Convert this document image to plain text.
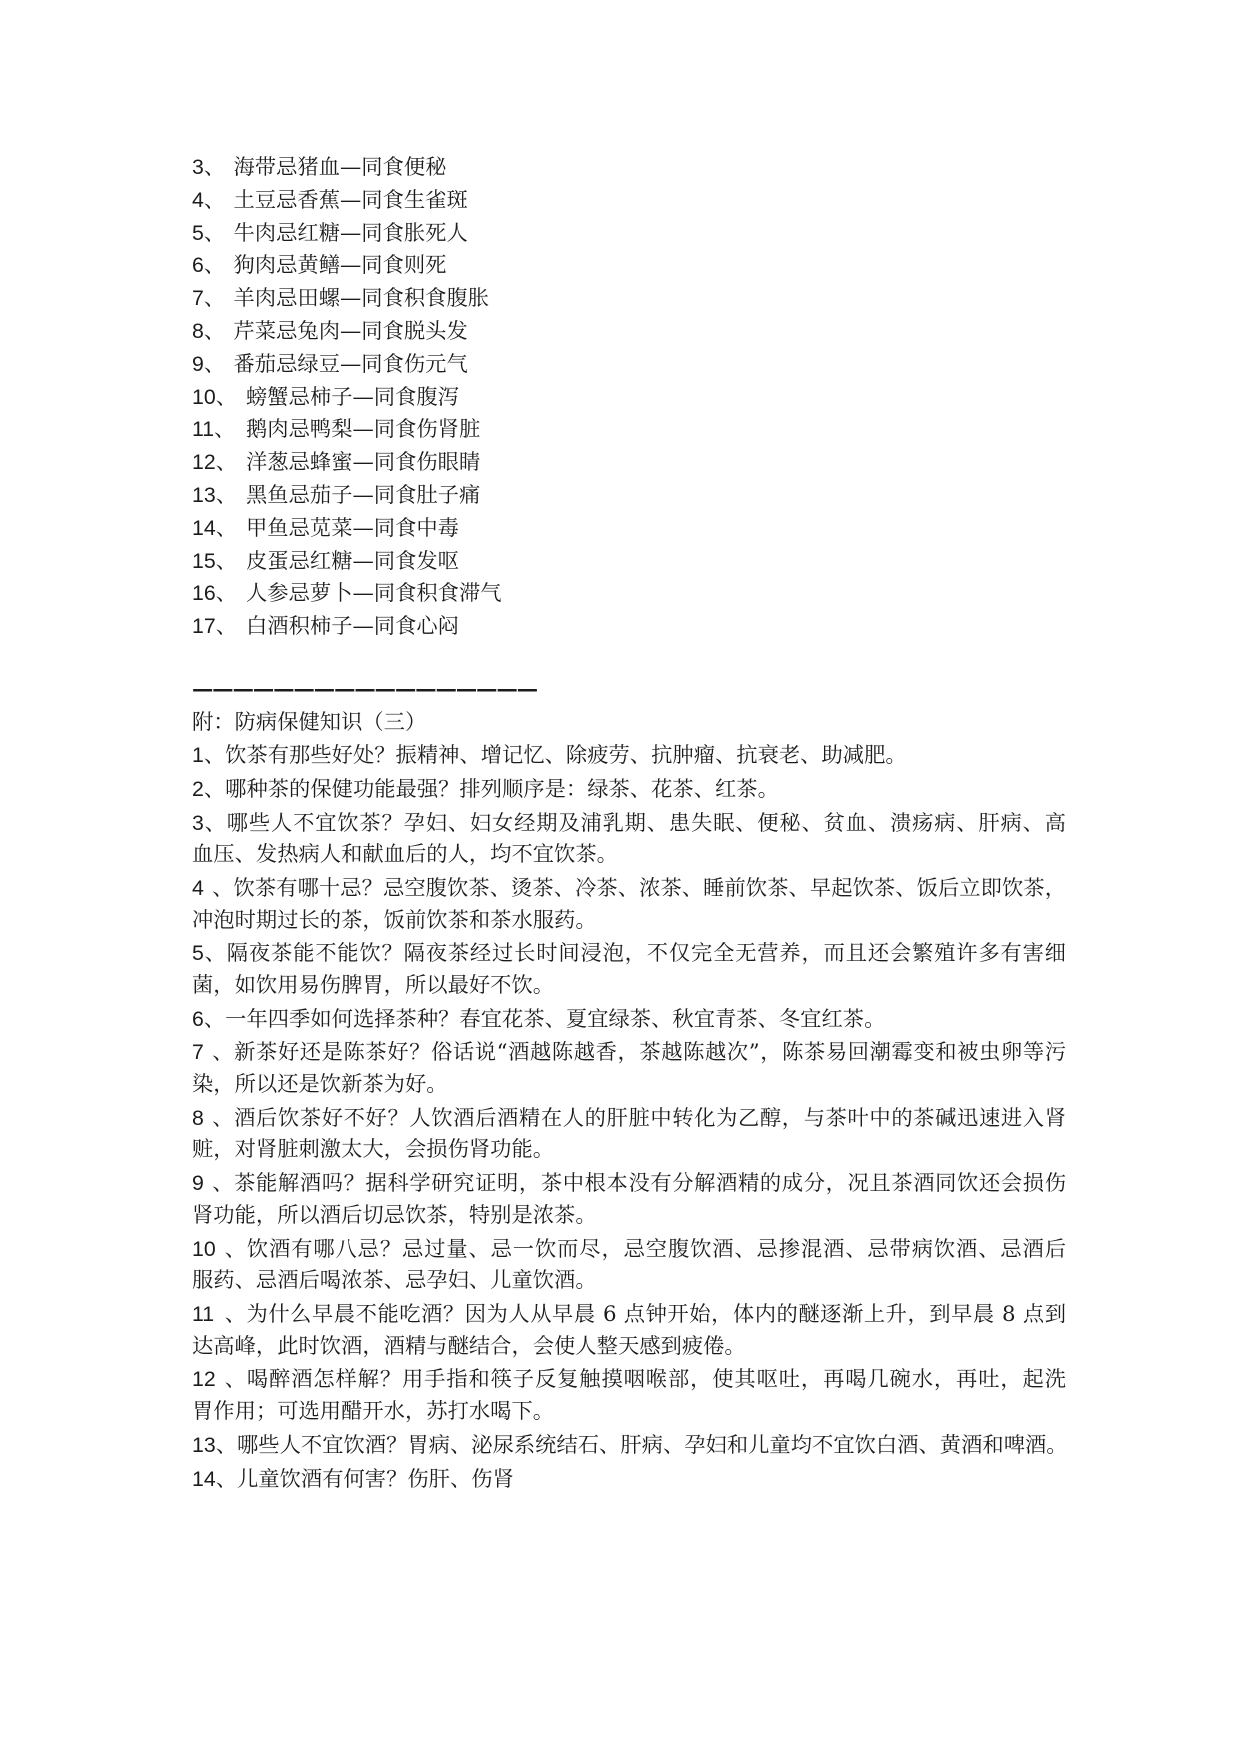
3、 海带忌猪血—同食便秘
4、 土豆忌香蕉—同食生雀斑
5、 牛肉忌红糖—同食胀死人
6、 狗肉忌黄鳝—同食则死
7、 羊肉忌田螺—同食积食腹胀
8、 芹菜忌兔肉—同食脱头发
9、 番茄忌绿豆—同食伤元气
10、 螃蟹忌柿子—同食腹泻
11、 鹅肉忌鸭梨—同食伤肾脏
12、 洋葱忌蜂蜜—同食伤眼睛
13、 黑鱼忌茄子—同食肚子痛
14、 甲鱼忌苋菜—同食中毒
15、 皮蛋忌红糖—同食发呕
16、 人参忌萝卜—同食积食滞气
17、 白酒积柿子—同食心闷
—————————————————
附：防病保健知识（三）
1、饮茶有那些好处？振精神、增记忆、除疲劳、抗肿瘤、抗衰老、助减肥。
2、哪种茶的保健功能最强？排列顺序是：绿茶、花茶、红茶。
3、哪些人不宜饮茶？孕妇、妇女经期及浦乳期、患失眠、便秘、贫血、溃疡病、肝病、高
血压、发热病人和献血后的人，均不宜饮茶。
4、饮茶有哪十忌？忌空腹饮茶、烫茶、冷茶、浓茶、睡前饮茶、早起饮茶、饭后立即饮茶，
冲泡时期过长的茶，饭前饮茶和茶水服药。
5、隔夜茶能不能饮？隔夜茶经过长时间浸泡，不仅完全无营养，而且还会繁殖许多有害细
菌，如饮用易伤脾胃，所以最好不饮。
6、一年四季如何选择茶种？春宜花茶、夏宜绿茶、秋宜青茶、冬宜红茶。
7、新茶好还是陈茶好？俗话说“酒越陈越香，茶越陈越次”，陈茶易回潮霉变和被虫卵等污
染，所以还是饮新茶为好。
8、酒后饮茶好不好？人饮酒后酒精在人的肝脏中转化为乙醇，与茶叶中的茶碱迅速进入肾
赃，对肾脏刺激太大，会损伤肾功能。
9、茶能解酒吗？据科学研究证明，茶中根本没有分解酒精的成分，况且茶酒同饮还会损伤
肾功能，所以酒后切忌饮茶，特别是浓茶。
10、饮酒有哪八忌？忌过量、忌一饮而尽，忌空腹饮酒、忌掺混酒、忌带病饮酒、忌酒后
服药、忌酒后喝浓茶、忌孕妇、儿童饮酒。
11、为什么早晨不能吃酒？因为人从早晨 6 点钟开始，体内的醚逐渐上升，到早晨 8 点到
达高峰，此时饮酒，酒精与醚结合，会使人整天感到疲倦。
12、喝醉酒怎样解？用手指和筷子反复触摸咽喉部，使其呕吐，再喝几碗水，再吐，起洗
胃作用；可选用醋开水，苏打水喝下。
13、哪些人不宜饮酒？胃病、泌尿系统结石、肝病、孕妇和儿童均不宜饮白酒、黄酒和啤酒。
14、儿童饮酒有何害？伤肝、伤肾
